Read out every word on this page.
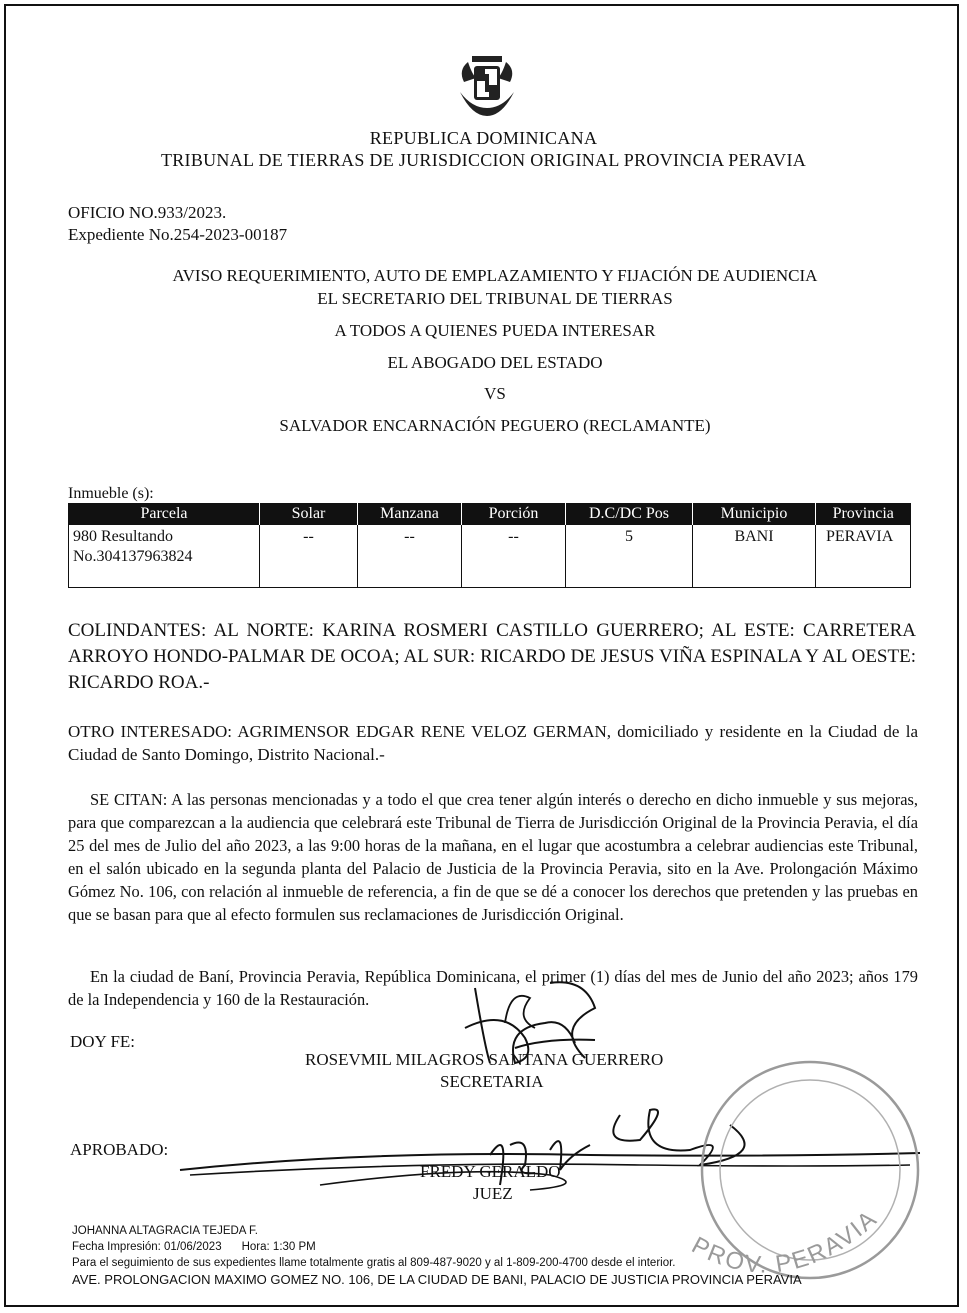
REPUBLICA DOMINICANA
TRIBUNAL DE TIERRAS DE JURISDICCION ORIGINAL PROVINCIA PERAVIA
OFICIO NO.933/2023.
Expediente No.254-2023-00187
AVISO REQUERIMIENTO, AUTO DE EMPLAZAMIENTO Y FIJACIÓN DE AUDIENCIA
EL SECRETARIO DEL TRIBUNAL DE TIERRAS
A TODOS A QUIENES PUEDA INTERESAR
EL ABOGADO DEL ESTADO
VS
SALVADOR ENCARNACIÓN PEGUERO (RECLAMANTE)
Inmueble (s):
Parcela	Solar	Manzana	Porción	D.C/DC Pos	Municipio	Provincia

980 Resultando
No.304137963824	--	--	--	5	BANI	PERAVIA
COLINDANTES: AL NORTE: KARINA ROSMERI CASTILLO GUERRERO; AL ESTE: CARRETERA ARROYO HONDO-PALMAR DE OCOA; AL SUR: RICARDO DE JESUS VIÑA ESPINALA Y AL OESTE: RICARDO ROA.-
OTRO INTERESADO: AGRIMENSOR EDGAR RENE VELOZ GERMAN, domiciliado y residente en la Ciudad de la Ciudad de Santo Domingo, Distrito Nacional.-
SE CITAN: A las personas mencionadas y a todo el que crea tener algún interés o derecho en dicho inmueble y sus mejoras, para que comparezcan a la audiencia que celebrará este Tribunal de Tierra de Jurisdicción Original de la Provincia Peravia, el día 25 del mes de Julio del año 2023, a las 9:00 horas de la mañana, en el lugar que acostumbra a celebrar audiencias este Tribunal, en el salón ubicado en la segunda planta del Palacio de Justicia de la Provincia Peravia, sito en la Ave. Prolongación Máximo Gómez No. 106, con relación al inmueble de referencia, a fin de que se dé a conocer los derechos que pretenden y las pruebas en que se basan para que al efecto formulen sus reclamaciones de Jurisdicción Original.
En la ciudad de Baní, Provincia Peravia, República Dominicana, el primer (1) días del mes de Junio del año 2023; años 179 de la Independencia y 160 de la Restauración.
DOY FE:
ROSEVMIL MILAGROS SANTANA GUERRERO
SECRETARIA
APROBADO:
FREDY GERALDO
JUEZ
PROV. PERAVIA
JOHANNA ALTAGRACIA TEJEDA F.
Fecha Impresión: 01/06/2023 Hora: 1:30 PM
Para el seguimiento de sus expedientes llame totalmente gratis al 809-487-9020 y al 1-809-200-4700 desde el interior.
AVE. PROLONGACION MAXIMO GOMEZ NO. 106, DE LA CIUDAD DE BANI, PALACIO DE JUSTICIA PROVINCIA PERAVIA
